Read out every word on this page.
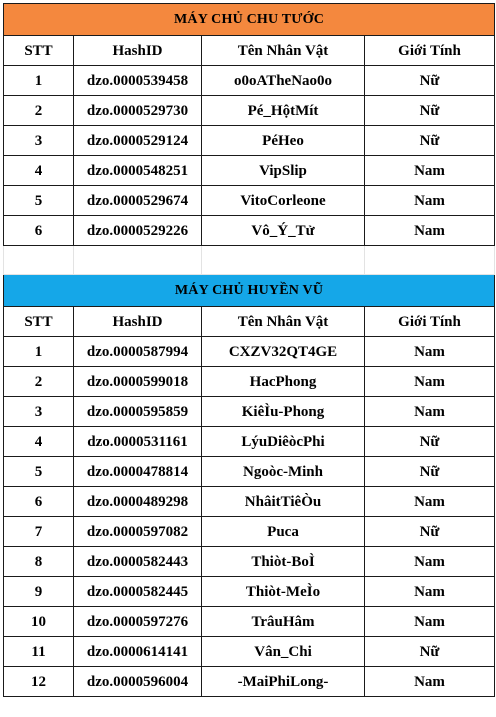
MÁY CHỦ CHU TƯỚC			
STT	HashID	Tên Nhân Vật	Giới Tính
1	dzo.0000539458	o0oATheNao0o	Nữ
2	dzo.0000529730	Pé_HộtMít	Nữ
3	dzo.0000529124	PéHeo	Nữ
4	dzo.0000548251	VipSlip	Nam
5	dzo.0000529674	VitoCorleone	Nam
6	dzo.0000529226	Vô_Ý_Tử	Nam

MÁY CHỦ HUYỀN VŨ			
STT	HashID	Tên Nhân Vật	Giới Tính
1	dzo.0000587994	CXZV32QT4GE	Nam
2	dzo.0000599018	HacPhong	Nam
3	dzo.0000595859	KiêÌu-Phong	Nam
4	dzo.0000531161	LýuDiêòcPhi	Nữ
5	dzo.0000478814	Ngoòc-Minh	Nữ
6	dzo.0000489298	NhâitTiêÒu	Nam
7	dzo.0000597082	Puca	Nữ
8	dzo.0000582443	Thiòt-BoÌ	Nam
9	dzo.0000582445	Thiòt-MeÌo	Nam
10	dzo.0000597276	TrâuHâm	Nam
11	dzo.0000614141	Vân_Chi	Nữ
12	dzo.0000596004	-MaiPhiLong-	Nam
